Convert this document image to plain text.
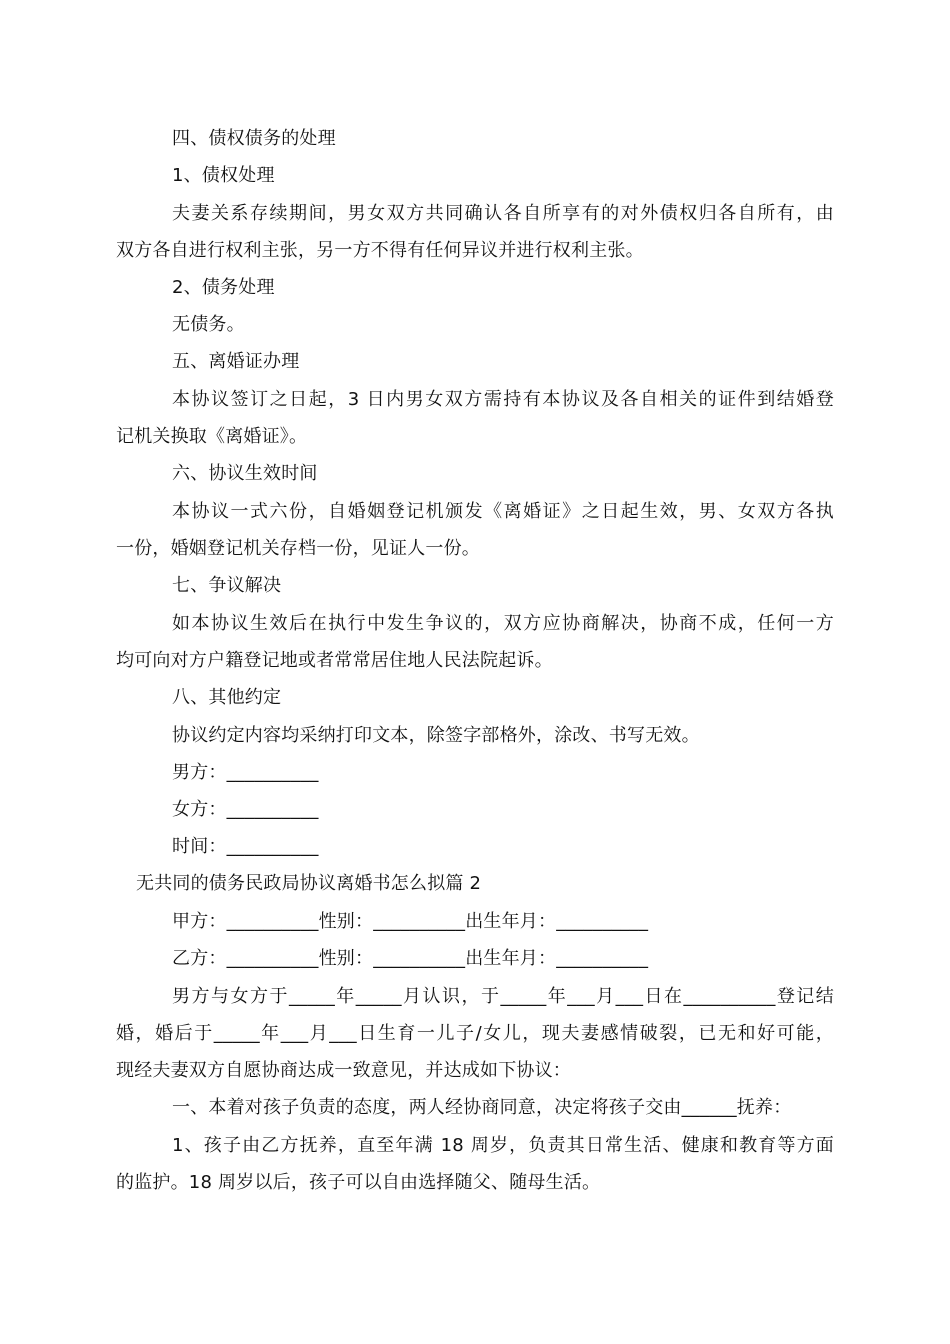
四、债权债务的处理
1、债权处理
夫妻关系存续期间，男女双方共同确认各自所享有的对外债权归各自所有，由
双方各自进行权利主张，另一方不得有任何异议并进行权利主张。
2、债务处理
无债务。
五、离婚证办理
本协议签订之日起，3 日内男女双方需持有本协议及各自相关的证件到结婚登
记机关换取《离婚证》。
六、协议生效时间
本协议一式六份，自婚姻登记机颁发《离婚证》之日起生效，男、女双方各执
一份，婚姻登记机关存档一份，见证人一份。
七、争议解决
如本协议生效后在执行中发生争议的，双方应协商解决，协商不成，任何一方
均可向对方户籍登记地或者常常居住地人民法院起诉。
八、其他约定
协议约定内容均采纳打印文本，除签字部格外，涂改、书写无效。
男方：__________
女方：__________
时间：__________
无共同的债务民政局协议离婚书怎么拟篇 2
甲方：__________性别：__________出生年月：__________
乙方：__________性别：__________出生年月：__________
男方与女方于_____年_____月认识，于_____年___月___日在__________登记结
婚，婚后于_____年___月___日生育一儿子/女儿，现夫妻感情破裂，已无和好可能，
现经夫妻双方自愿协商达成一致意见，并达成如下协议：
一、本着对孩子负责的态度，两人经协商同意，决定将孩子交由______抚养：
1、孩子由乙方抚养，直至年满 18 周岁，负责其日常生活、健康和教育等方面
的监护。18 周岁以后，孩子可以自由选择随父、随母生活。
